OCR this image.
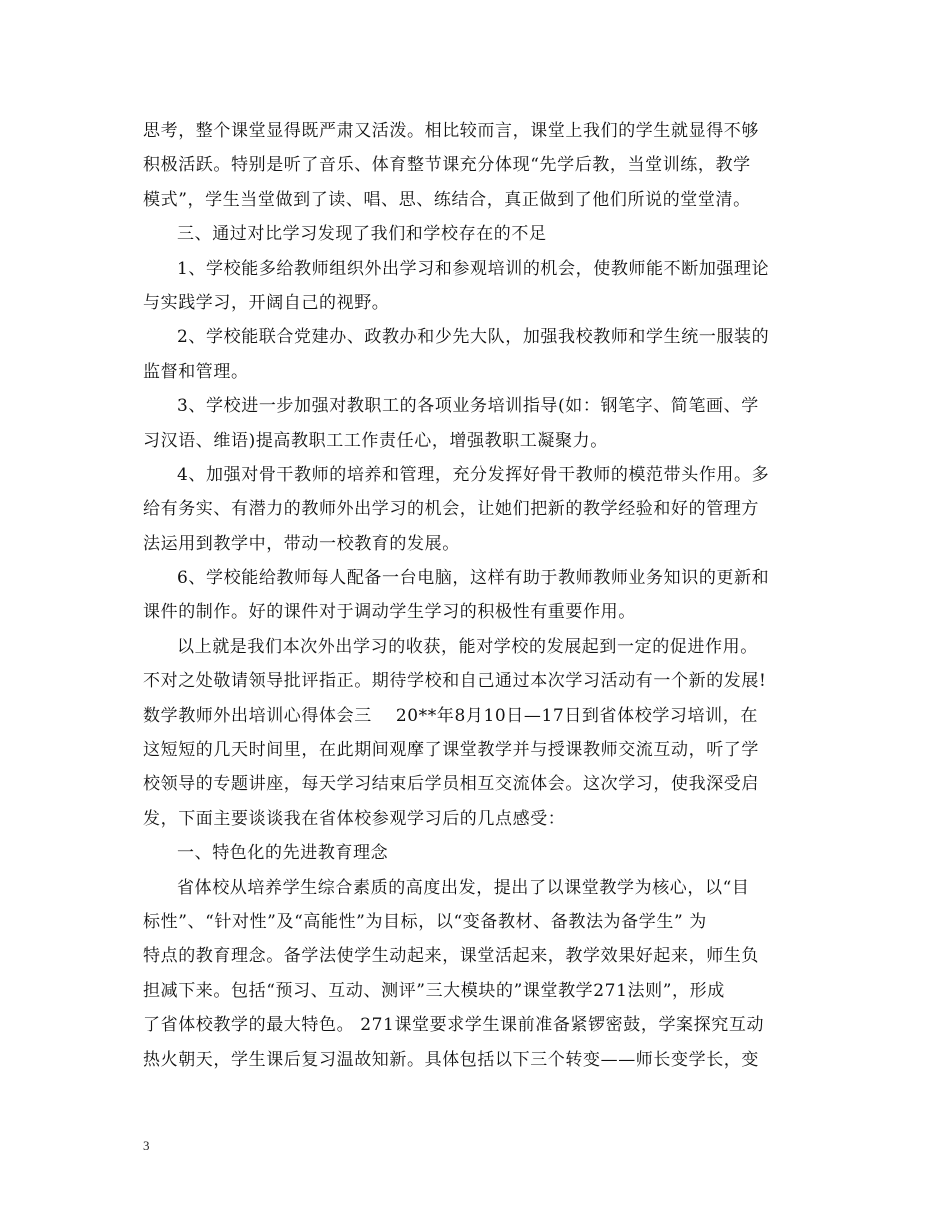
思考，整个课堂显得既严肃又活泼。相比较而言，课堂上我们的学生就显得不够
积极活跃。特别是听了音乐、体育整节课充分体现“先学后教，当堂训练，教学
模式”，学生当堂做到了读、唱、思、练结合，真正做到了他们所说的堂堂清。
三、通过对比学习发现了我们和学校存在的不足
1、学校能多给教师组织外出学习和参观培训的机会，使教师能不断加强理论
与实践学习，开阔自己的视野。
2、学校能联合党建办、政教办和少先大队，加强我校教师和学生统一服装的
监督和管理。
3、学校进一步加强对教职工的各项业务培训指导(如：钢笔字、简笔画、学
习汉语、维语)提高教职工工作责任心，增强教职工凝聚力。
4、加强对骨干教师的培养和管理，充分发挥好骨干教师的模范带头作用。多
给有务实、有潜力的教师外出学习的机会，让她们把新的教学经验和好的管理方
法运用到教学中，带动一校教育的发展。
6、学校能给教师每人配备一台电脑，这样有助于教师教师业务知识的更新和
课件的制作。好的课件对于调动学生学习的积极性有重要作用。
以上就是我们本次外出学习的收获，能对学校的发展起到一定的促进作用。
不对之处敬请领导批评指正。期待学校和自己通过本次学习活动有一个新的发展!
数学教师外出培训心得体会三 20**年8月10日—17日到省体校学习培训，在
这短短的几天时间里，在此期间观摩了课堂教学并与授课教师交流互动，听了学
校领导的专题讲座，每天学习结束后学员相互交流体会。这次学习，使我深受启
发，下面主要谈谈我在省体校参观学习后的几点感受：
一、特色化的先进教育理念
省体校从培养学生综合素质的高度出发，提出了以课堂教学为核心，以“目
标性”、“针对性”及“高能性”为目标，以“变备教材、备教法为备学生” 为
特点的教育理念。备学法使学生动起来，课堂活起来，教学效果好起来，师生负
担减下来。包括“预习、互动、测评”三大模块的”课堂教学271法则”，形成
了省体校教学的最大特色。 271课堂要求学生课前准备紧锣密鼓，学案探究互动
热火朝天，学生课后复习温故知新。具体包括以下三个转变——师长变学长，变
3
